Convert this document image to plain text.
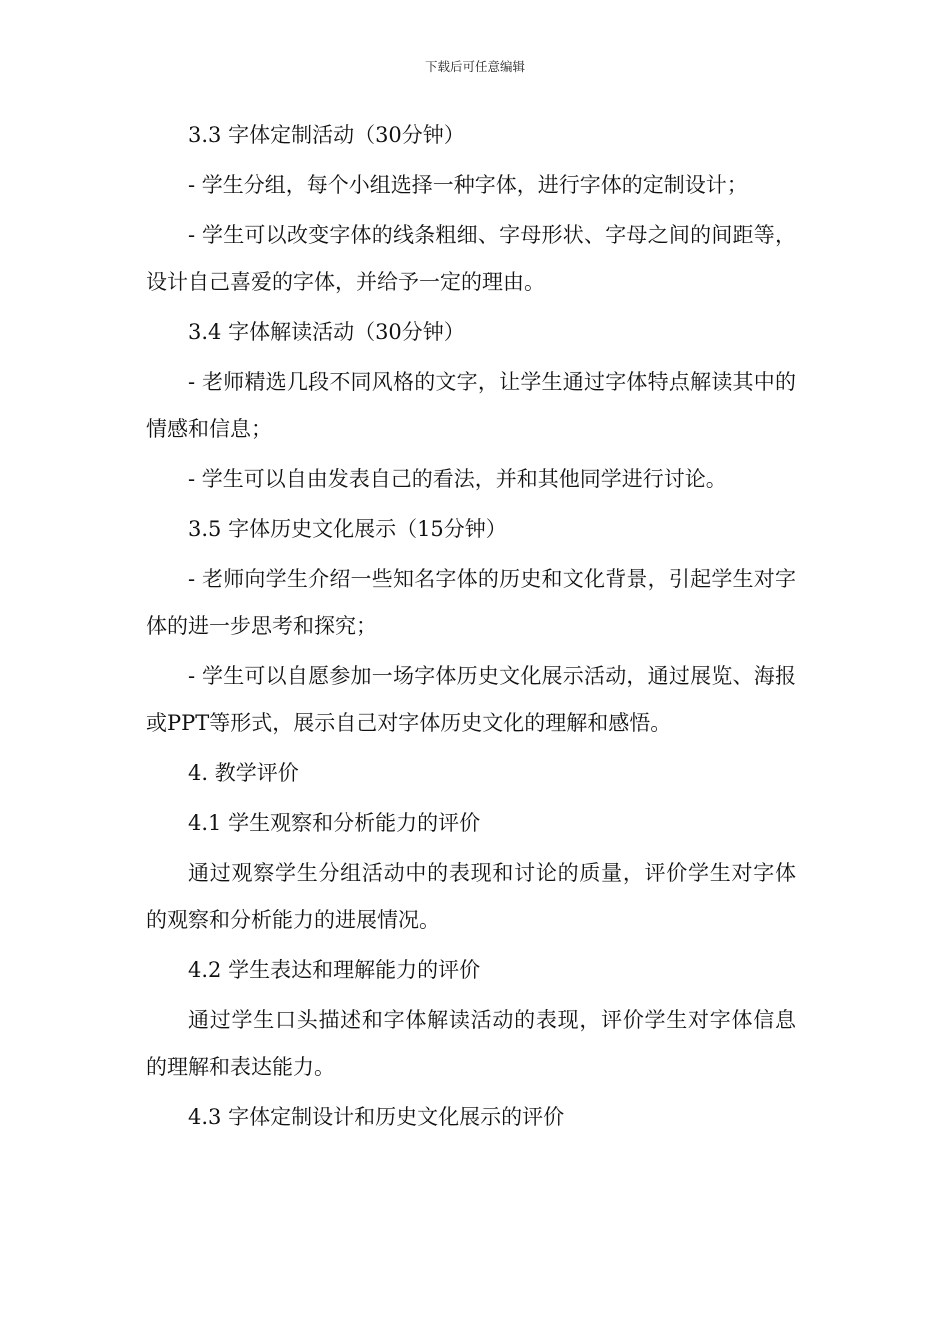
下载后可任意编辑

3.3 字体定制活动（30分钟）

- 学生分组，每个小组选择一种字体，进行字体的定制设计；

- 学生可以改变字体的线条粗细、字母形状、字母之间的间距等，设计自己喜爱的字体，并给予一定的理由。

3.4 字体解读活动（30分钟）

- 老师精选几段不同风格的文字，让学生通过字体特点解读其中的情感和信息；

- 学生可以自由发表自己的看法，并和其他同学进行讨论。

3.5 字体历史文化展示（15分钟）

- 老师向学生介绍一些知名字体的历史和文化背景，引起学生对字体的进一步思考和探究；

- 学生可以自愿参加一场字体历史文化展示活动，通过展览、海报或PPT等形式，展示自己对字体历史文化的理解和感悟。

4. 教学评价

4.1 学生观察和分析能力的评价

通过观察学生分组活动中的表现和讨论的质量，评价学生对字体的观察和分析能力的进展情况。

4.2 学生表达和理解能力的评价

通过学生口头描述和字体解读活动的表现，评价学生对字体信息的理解和表达能力。

4.3 字体定制设计和历史文化展示的评价
